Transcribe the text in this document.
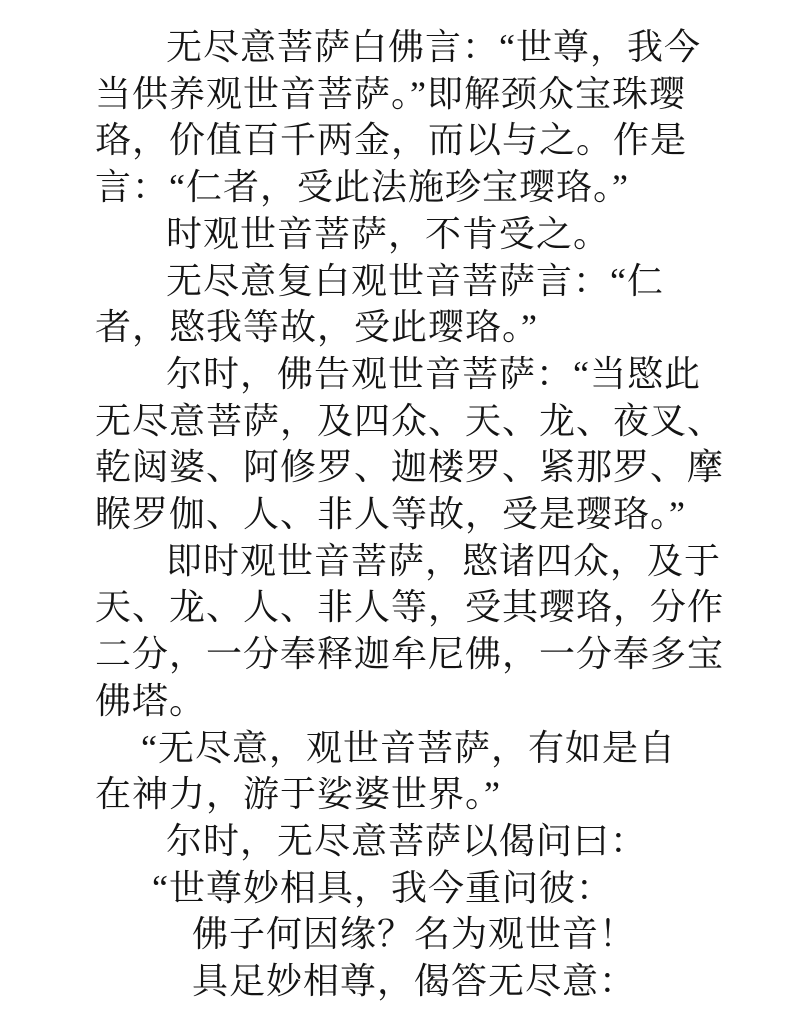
无尽意菩萨白佛言：“世尊，我今
当供养观世音菩萨。”即解颈众宝珠璎
珞，价值百千两金，而以与之。作是
言：“仁者，受此法施珍宝璎珞。”
时观世音菩萨，不肯受之。
无尽意复白观世音菩萨言：“仁
者，愍我等故，受此璎珞。”
尔时，佛告观世音菩萨：“当愍此
无尽意菩萨，及四众、天、龙、夜叉、
乾闼婆、阿修罗、迦楼罗、紧那罗、摩
睺罗伽、人、非人等故，受是璎珞。”
即时观世音菩萨，愍诸四众，及于
天、龙、人、非人等，受其璎珞，分作
二分，一分奉释迦牟尼佛，一分奉多宝
佛塔。
“无尽意，观世音菩萨，有如是自
在神力，游于娑婆世界。”
尔时，无尽意菩萨以偈问曰：
“世尊妙相具，我今重问彼：
佛子何因缘？名为观世音！
具足妙相尊，偈答无尽意：
